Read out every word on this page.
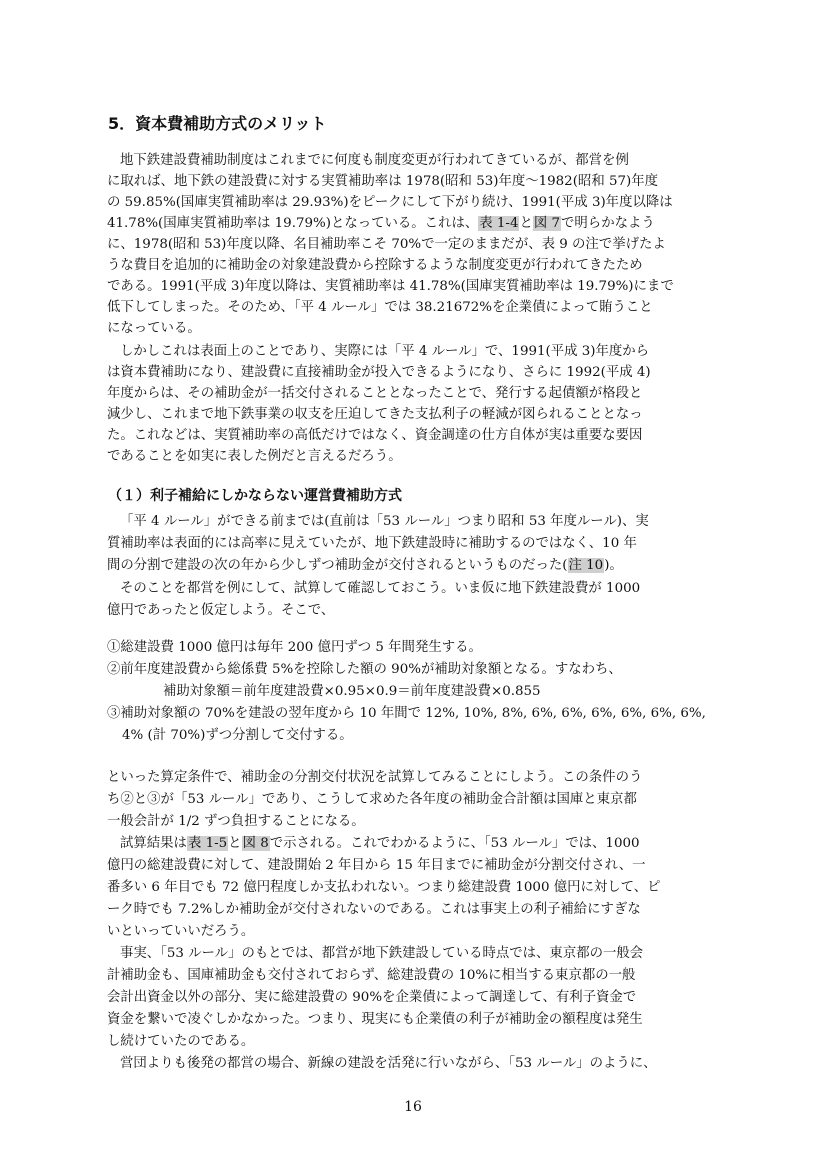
5．資本費補助方式のメリット
地下鉄建設費補助制度はこれまでに何度も制度変更が行われてきているが、都営を例
に取れば、地下鉄の建設費に対する実質補助率は 1978(昭和 53)年度～1982(昭和 57)年度
の 59.85%(国庫実質補助率は 29.93%)をピークにして下がり続け、1991(平成 3)年度以降は
41.78%(国庫実質補助率は 19.79%)となっている。これは、表 1-4と図 7で明らかなよう
に、1978(昭和 53)年度以降、名目補助率こそ 70%で一定のままだが、表 9 の注で挙げたよ
うな費目を追加的に補助金の対象建設費から控除するような制度変更が行われてきたため
である。1991(平成 3)年度以降は、実質補助率は 41.78%(国庫実質補助率は 19.79%)にまで
低下してしまった。そのため、「平 4 ルール」では 38.21672%を企業債によって賄うこと
になっている。
しかしこれは表面上のことであり、実際には「平 4 ルール」で、1991(平成 3)年度から
は資本費補助になり、建設費に直接補助金が投入できるようになり、さらに 1992(平成 4)
年度からは、その補助金が一括交付されることとなったことで、発行する起債額が格段と
減少し、これまで地下鉄事業の収支を圧迫してきた支払利子の軽減が図られることとなっ
た。これなどは、実質補助率の高低だけではなく、資金調達の仕方自体が実は重要な要因
であることを如実に表した例だと言えるだろう。
（１）利子補給にしかならない運営費補助方式
「平 4 ルール」ができる前までは(直前は「53 ルール」つまり昭和 53 年度ルール)、実
質補助率は表面的には高率に見えていたが、地下鉄建設時に補助するのではなく、10 年
間の分割で建設の次の年から少しずつ補助金が交付されるというものだった(注 10)。
そのことを都営を例にして、試算して確認しておこう。いま仮に地下鉄建設費が 1000
億円であったと仮定しよう。そこで、
①総建設費 1000 億円は毎年 200 億円ずつ 5 年間発生する。
②前年度建設費から総係費 5%を控除した額の 90%が補助対象額となる。すなわち、
補助対象額＝前年度建設費×0.95×0.9＝前年度建設費×0.855
③補助対象額の 70%を建設の翌年度から 10 年間で 12%, 10%, 8%, 6%, 6%, 6%, 6%, 6%, 6%,
4% (計 70%)ずつ分割して交付する。
といった算定条件で、補助金の分割交付状況を試算してみることにしよう。この条件のう
ち②と③が「53 ルール」であり、こうして求めた各年度の補助金合計額は国庫と東京都
一般会計が 1/2 ずつ負担することになる。
試算結果は表 1-5と図 8で示される。これでわかるように、「53 ルール」では、1000
億円の総建設費に対して、建設開始 2 年目から 15 年目までに補助金が分割交付され、一
番多い 6 年目でも 72 億円程度しか支払われない。つまり総建設費 1000 億円に対して、ピ
ーク時でも 7.2%しか補助金が交付されないのである。これは事実上の利子補給にすぎな
いといっていいだろう。
事実、「53 ルール」のもとでは、都営が地下鉄建設している時点では、東京都の一般会
計補助金も、国庫補助金も交付されておらず、総建設費の 10%に相当する東京都の一般
会計出資金以外の部分、実に総建設費の 90%を企業債によって調達して、有利子資金で
資金を繋いで凌ぐしかなかった。つまり、現実にも企業債の利子が補助金の額程度は発生
し続けていたのである。
営団よりも後発の都営の場合、新線の建設を活発に行いながら、「53 ルール」のように、
16
